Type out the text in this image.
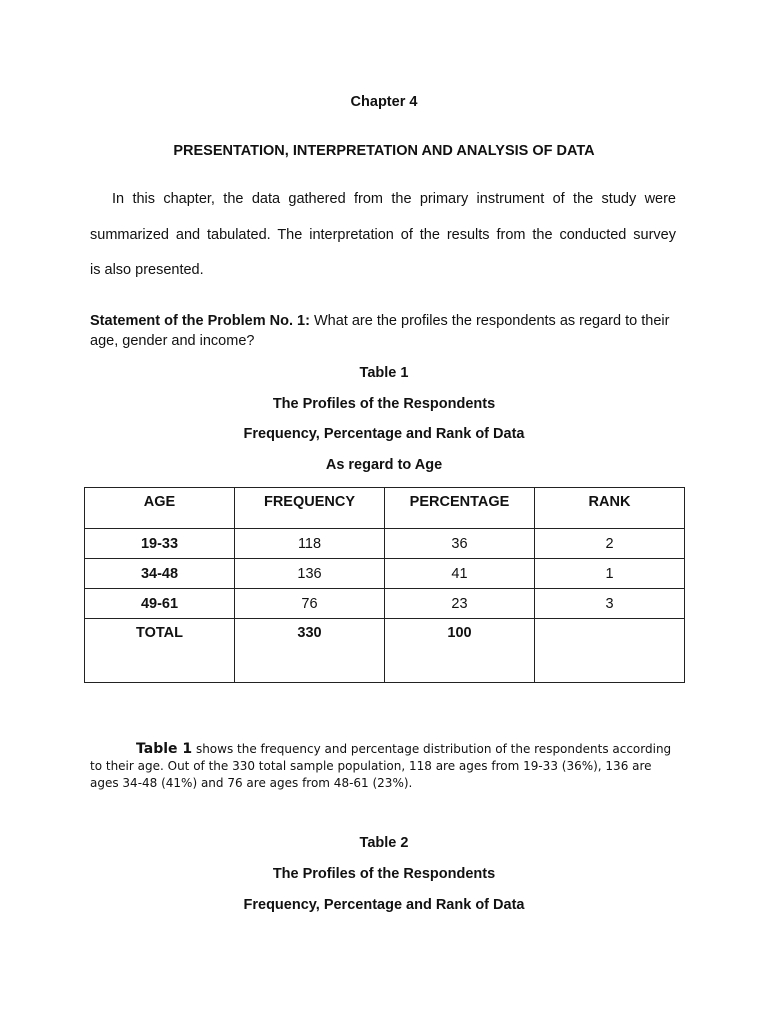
Chapter 4
PRESENTATION, INTERPRETATION AND ANALYSIS OF DATA
In this chapter, the data gathered from the primary instrument of the study were
summarized and tabulated. The interpretation of the results from the conducted survey
is also presented.
Statement of the Problem No. 1: What are the profiles the respondents as regard to their age, gender and income?
Table 1
The Profiles of the Respondents
Frequency, Percentage and Rank of Data
As regard to Age
AGE	FREQUENCY	PERCENTAGE	RANK
19-33	118	36	2
34-48	136	41	1
49-61	76	23	3
TOTAL	330	100	
Table 1 shows the frequency and percentage distribution of the respondents according to their age. Out of the 330 total sample population, 118 are ages from 19-33 (36%), 136 are ages 34-48 (41%) and 76 are ages from 48-61 (23%).
Table 2
The Profiles of the Respondents
Frequency, Percentage and Rank of Data
